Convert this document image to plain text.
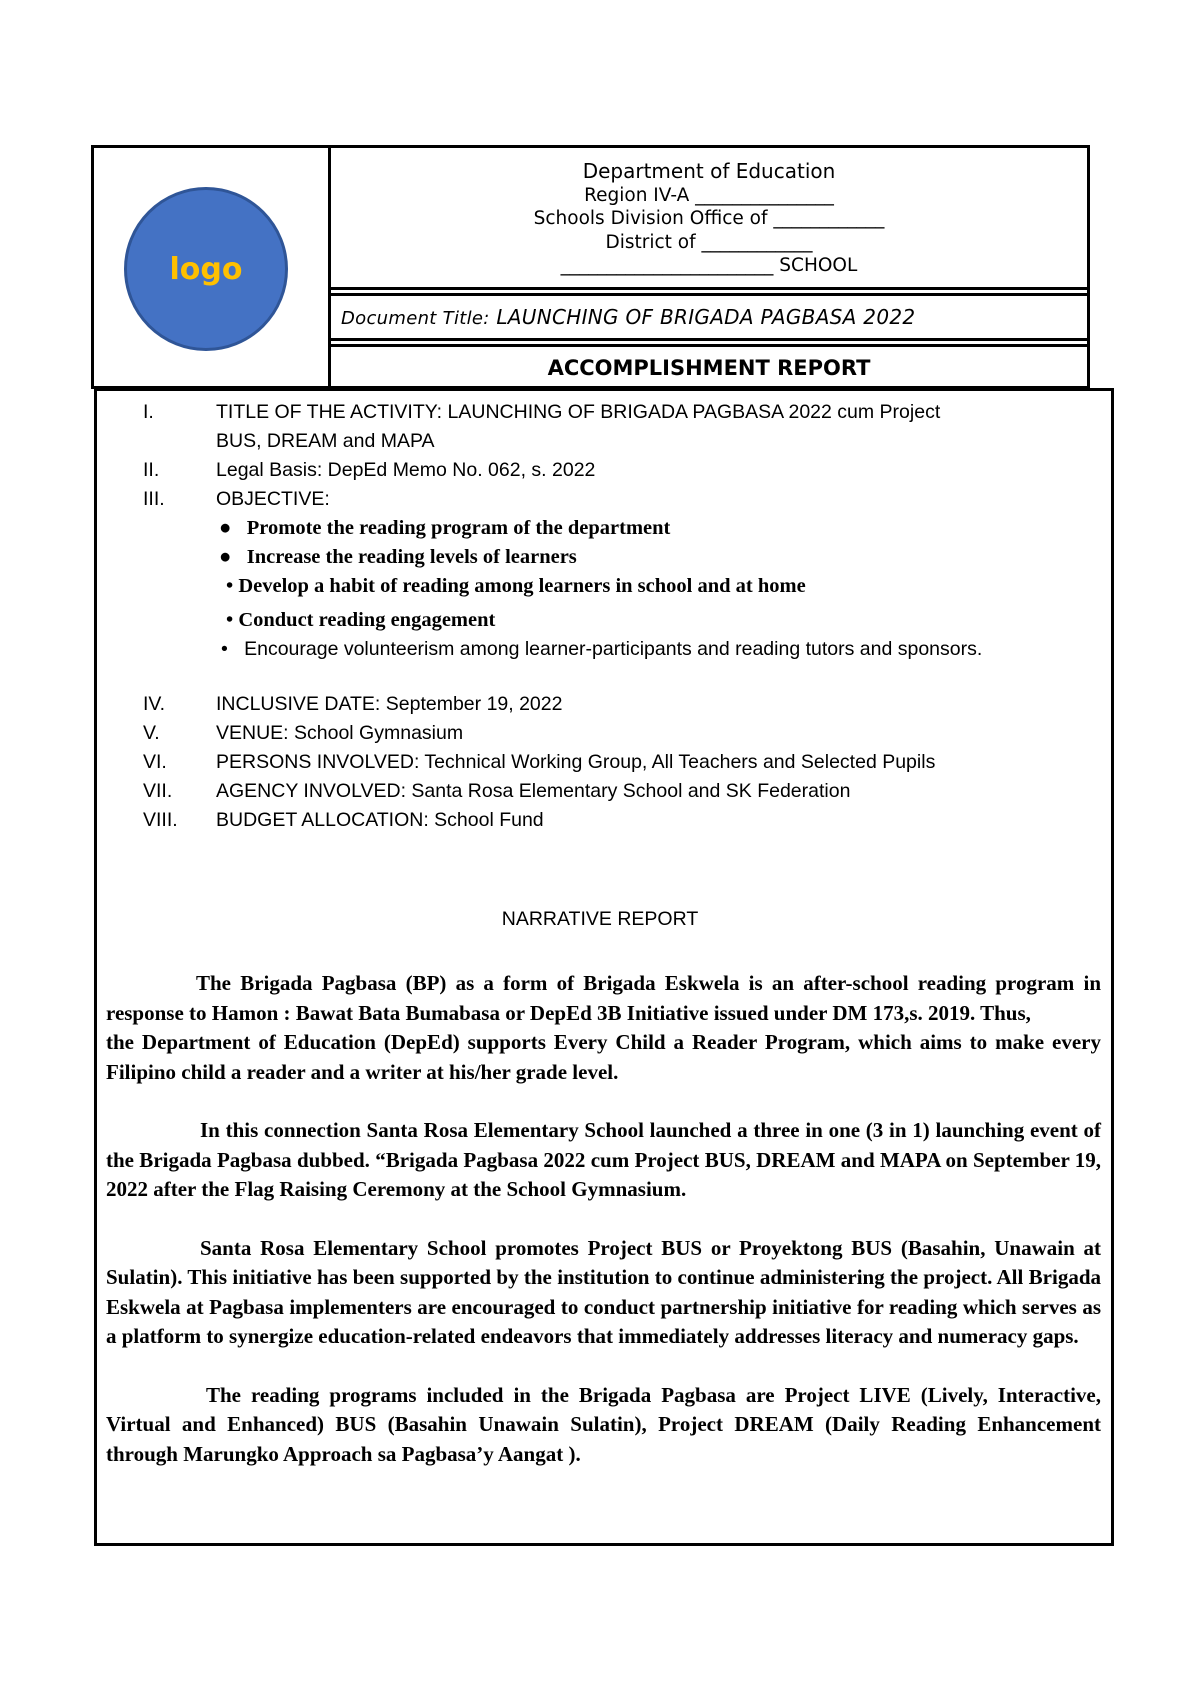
logo
Department of Education
Region IV-A _______________
Schools Division Office of ____________
District of ____________
_______________________ SCHOOL
Document Title: LAUNCHING OF BRIGADA PAGBASA 2022
ACCOMPLISHMENT REPORT
I.	TITLE OF THE ACTIVITY: LAUNCHING OF BRIGADA PAGBASA 2022 cum Project
BUS, DREAM and MAPA
II.	Legal Basis: DepEd Memo No. 062, s. 2022
III.	OBJECTIVE:
● Promote the reading program of the department
● Increase the reading levels of learners
• Develop a habit of reading among learners in school and at home
• Conduct reading engagement
• Encourage volunteerism among learner-participants and reading tutors and sponsors.
IV.	INCLUSIVE DATE: September 19, 2022
V.	VENUE: School Gymnasium
VI.	PERSONS INVOLVED: Technical Working Group, All Teachers and Selected Pupils
VII.	AGENCY INVOLVED: Santa Rosa Elementary School and SK Federation
VIII.	BUDGET ALLOCATION: School Fund
NARRATIVE REPORT

The Brigada Pagbasa (BP) as a form of Brigada Eskwela is an after-school reading program in response to Hamon : Bawat Bata Bumabasa or DepEd 3B Initiative issued under DM 173,s. 2019. Thus,

the Department of Education (DepEd) supports Every Child a Reader Program, which aims to make every Filipino child a reader and a writer at his/her grade level.

In this connection Santa Rosa Elementary School launched a three in one (3 in 1) launching event of the Brigada Pagbasa dubbed. “Brigada Pagbasa 2022 cum Project BUS, DREAM and MAPA on September 19, 2022 after the Flag Raising Ceremony at the School Gymnasium.

Santa Rosa Elementary School promotes Project BUS or Proyektong BUS (Basahin, Unawain at Sulatin). This initiative has been supported by the institution to continue administering the project. All Brigada Eskwela at Pagbasa implementers are encouraged to conduct partnership initiative for reading which serves as a platform to synergize education-related endeavors that immediately addresses literacy and numeracy gaps.

The reading programs included in the Brigada Pagbasa are Project LIVE (Lively, Interactive, Virtual and Enhanced) BUS (Basahin Unawain Sulatin), Project DREAM (Daily Reading Enhancement through Marungko Approach sa Pagbasa’y Aangat ).
